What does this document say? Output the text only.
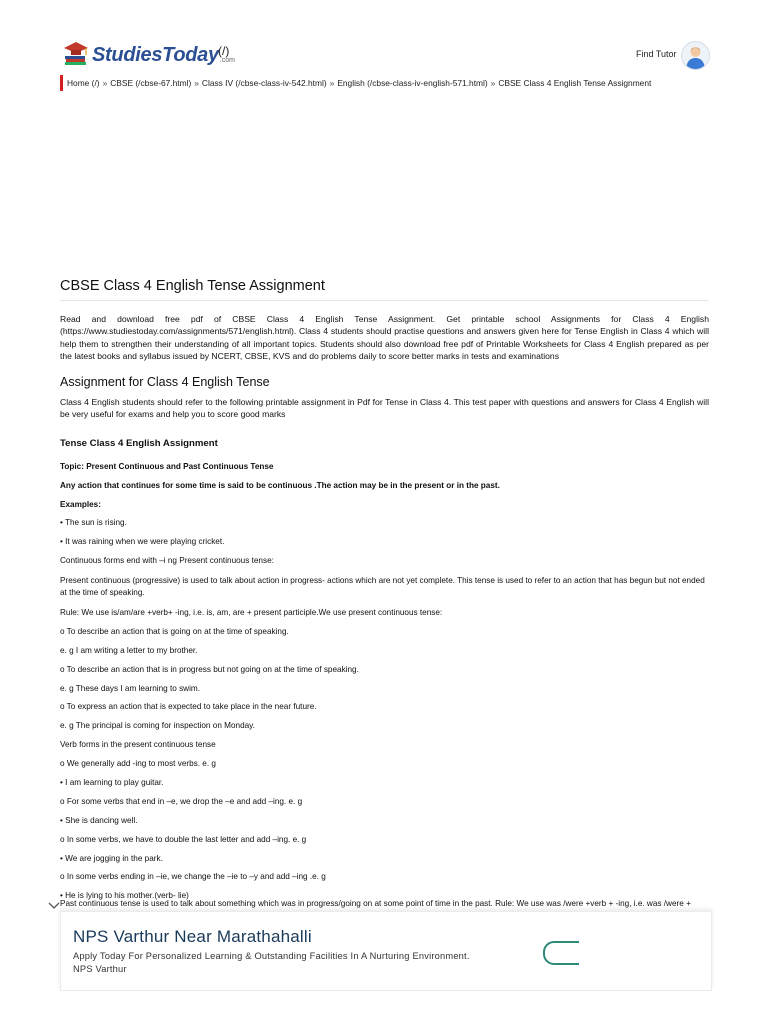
StudiesToday .com
(/)	Find Tutor
Home (/) » CBSE (/cbse-67.html) » Class IV (/cbse-class-iv-542.html) » English (/cbse-class-iv-english-571.html) » CBSE Class 4 English Tense Assignment
CBSE Class 4 English Tense Assignment

Read and download free pdf of CBSE Class 4 English Tense Assignment. Get printable school Assignments for Class 4 English (https://www.studiestoday.com/assignments/571/english.html). Class 4 students should practise questions and answers given here for Tense English in Class 4 which will help them to strengthen their understanding of all important topics. Students should also download free pdf of Printable Worksheets for Class 4 English prepared as per the latest books and syllabus issued by NCERT, CBSE, KVS and do problems daily to score better marks in tests and examinations

Assignment for Class 4 English Tense

Class 4 English students should refer to the following printable assignment in Pdf for Tense in Class 4. This test paper with questions and answers for Class 4 English will be very useful for exams and help you to score good marks

Tense Class 4 English Assignment

Topic: Present Continuous and Past Continuous Tense

Any action that continues for some time is said to be continuous .The action may be in the present or in the past.

Examples:

• The sun is rising.

• It was raining when we were playing cricket.

Continuous forms end with –i ng Present continuous tense:

Present continuous (progressive) is used to talk about action in progress- actions which are not yet complete. This tense is used to refer to an action that has begun but not ended at the time of speaking.

Rule: We use is/am/are +verb+ -ing, i.e. is, am, are + present participle.We use present continuous tense:

o To describe an action that is going on at the time of speaking.

e. g I am writing a letter to my brother.

o To describe an action that is in progress but not going on at the time of speaking.

e. g These days I am learning to swim.

o To express an action that is expected to take place in the near future.

e. g The principal is coming for inspection on Monday.

Verb forms in the present continuous tense

o We generally add -ing to most verbs. e. g

• I am learning to play guitar.

o For some verbs that end in –e, we drop the –e and add –ing. e. g

• She is dancing well.

o In some verbs, we have to double the last letter and add –ing. e. g

• We are jogging in the park.

o In some verbs ending in –ie, we change the –ie to –y and add –ing .e. g

• He is lying to his mother.(verb- lie)

Past continuous tense is used to talk about something which was in progress/going on at some point of time in the past. Rule: We use was /were +verb + -ing, i.e. was /were +
NPS Varthur Near Marathahalli
Apply Today For Personalized Learning & Outstanding Facilities In A Nurturing Environment.
NPS Varthur
